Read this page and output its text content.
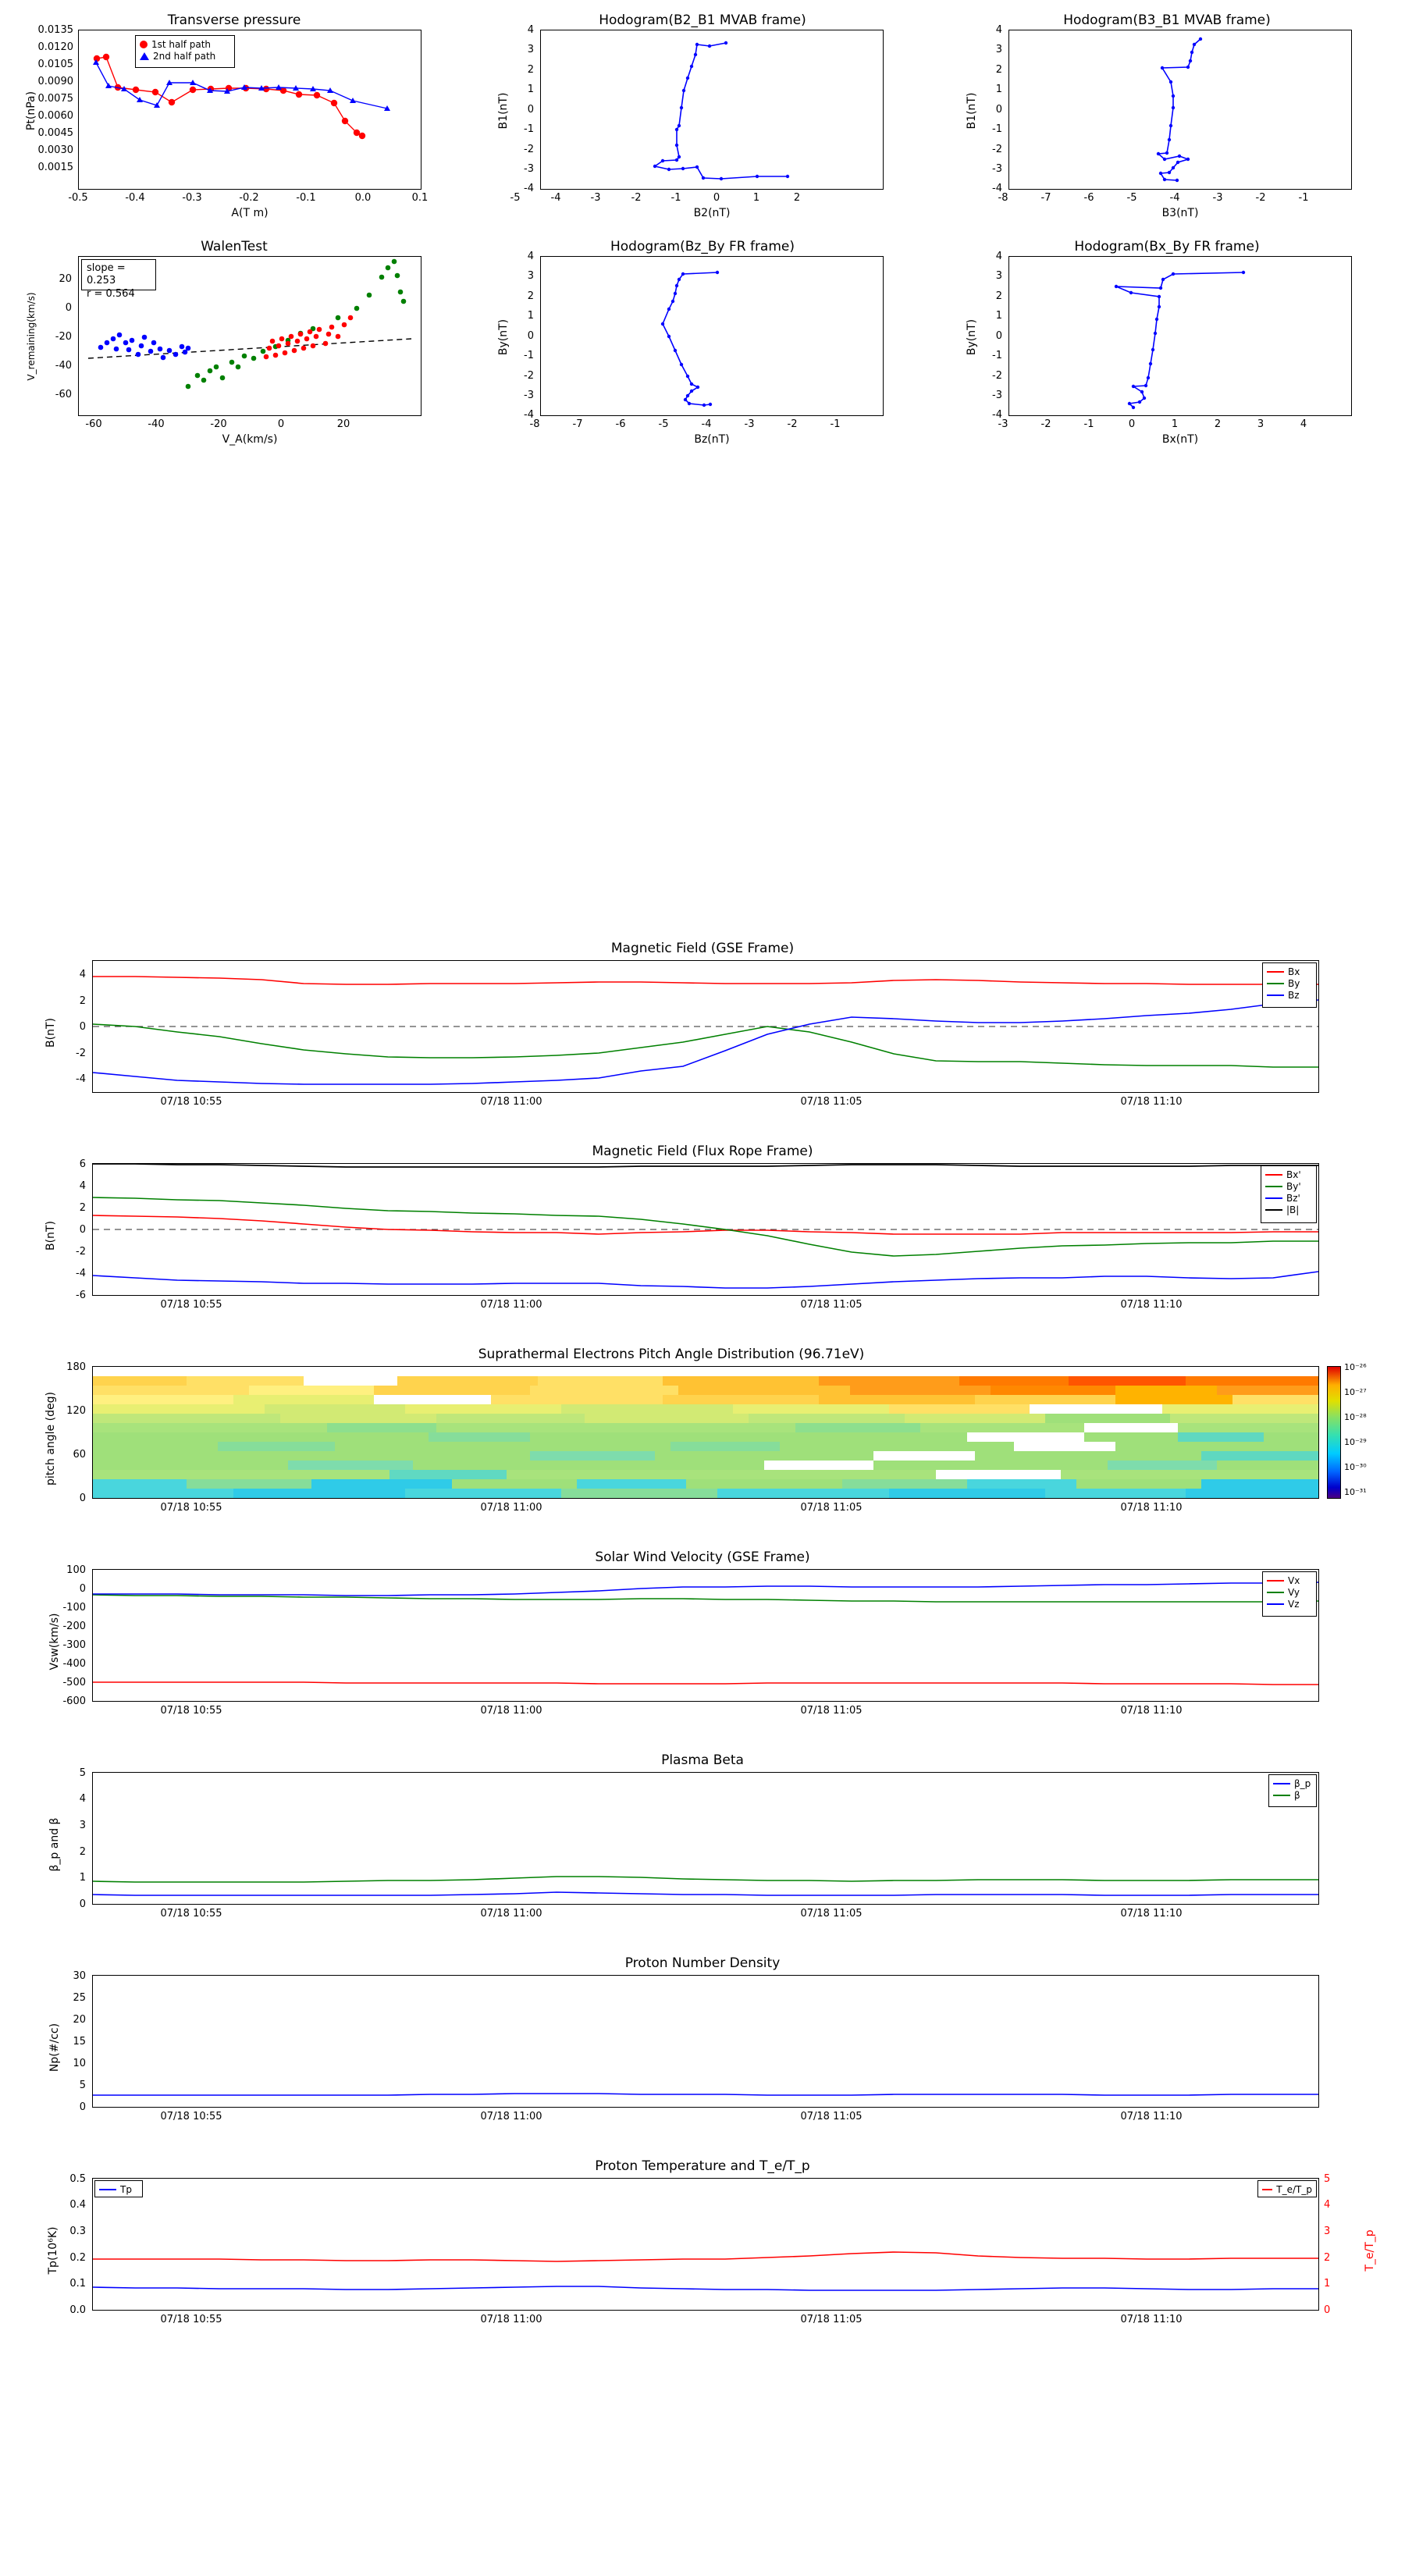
Transverse pressure
1st half path
2nd half path
Pt(nPa)
A(T m)
-0.5	-0.4	-0.3	-0.2	-0.1	0.0	0.1
0.0135
0.0120
0.0105
0.0090
0.0075
0.0060
0.0045
0.0030
0.0015
Hodogram(B2_B1 MVAB frame)
B1(nT)
B2(nT)
-5	-4	-3	-2	-1	0	1	2
4
3
2
1
0
-1
-2
-3
-4
Hodogram(B3_B1 MVAB frame)
B1(nT)
B3(nT)
-8	-7	-6	-5	-4	-3	-2	-1
4
3
2
1
0
-1
-2
-3
-4
WalenTest
slope = 0.253
r = 0.564
V_remaining(km/s)
V_A(km/s)
-60	-40	-20	0	20
20
0
-20
-40
-60
Hodogram(Bz_By FR frame)
By(nT)
Bz(nT)
-8	-7	-6	-5	-4	-3	-2	-1
4
3
2
1
0
-1
-2
-3
-4
Hodogram(Bx_By FR frame)
By(nT)
Bx(nT)
-3	-2	-1	0	1	2	3	4
4
3
2
1
0
-1
-2
-3
-4
Magnetic Field (GSE Frame)
Bx
By
Bz
B(nT)
4
2
0
-2
-4
07/18 10:55	07/18 11:00	07/18 11:05	07/18 11:10
Magnetic Field (Flux Rope Frame)
Bx'
By'
Bz'
|B|
B(nT)
6
4
2
0
-2
-4
-6
07/18 10:55	07/18 11:00	07/18 11:05	07/18 11:10
Suprathermal Electrons Pitch Angle Distribution (96.71eV)
10⁻²⁶
10⁻²⁷
10⁻²⁸
10⁻²⁹
10⁻³⁰
10⁻³¹
pitch angle (deg)
180
120
60
0
07/18 10:55	07/18 11:00	07/18 11:05	07/18 11:10
Solar Wind Velocity (GSE Frame)
Vx
Vy
Vz
Vsw(km/s)
100
0
-100
-200
-300
-400
-500
-600
07/18 10:55	07/18 11:00	07/18 11:05	07/18 11:10
Plasma Beta
β_p
β
β_p and β
5
4
3
2
1
0
07/18 10:55	07/18 11:00	07/18 11:05	07/18 11:10
Proton Number Density
Np(#/cc)
30
25
20
15
10
5
0
07/18 10:55	07/18 11:00	07/18 11:05	07/18 11:10
Proton Temperature and T_e/T_p
Tp	T_e/T_p
Tp(10⁶K)	T_e/T_p
0.5
0.4
0.3
0.2
0.1
0.0
5
4
3
2
1
0
07/18 10:55	07/18 11:00	07/18 11:05	07/18 11:10
